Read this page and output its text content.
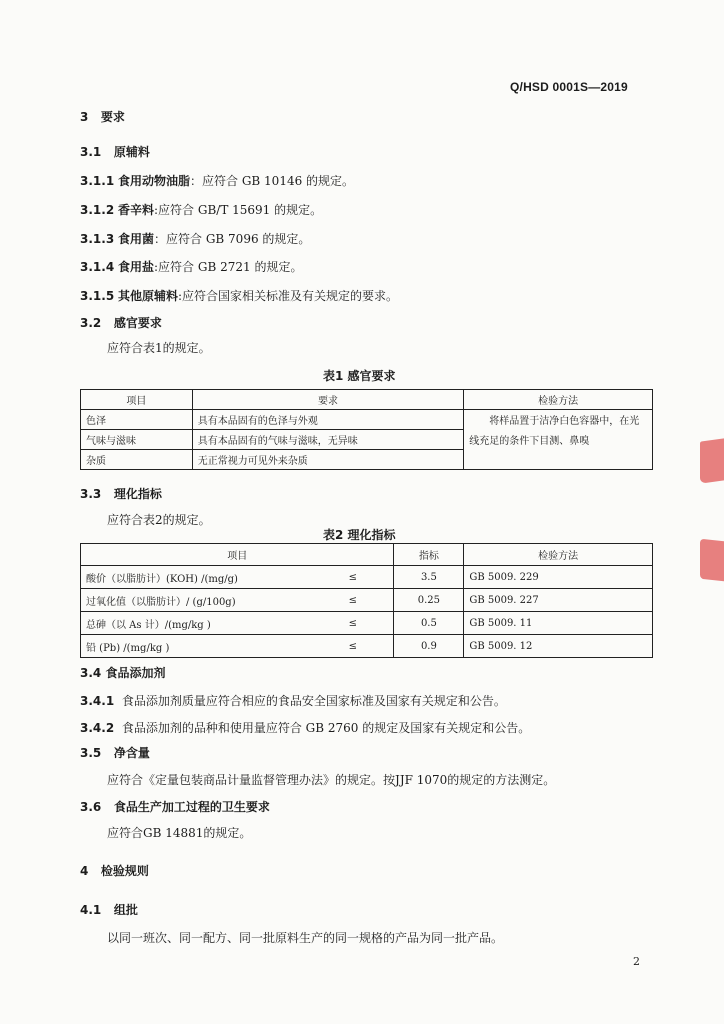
Q/HSD 0001S—2019
3 要求
3.1 原辅料
3.1.1 食用动物油脂：应符合 GB 10146 的规定。
3.1.2 香辛料:应符合 GB/T 15691 的规定。
3.1.3 食用菌：应符合 GB 7096 的规定。
3.1.4 食用盐:应符合 GB 2721 的规定。
3.1.5 其他原辅料:应符合国家相关标准及有关规定的要求。
3.2 感官要求
应符合表1的规定。
表1 感官要求
项目	要求	检验方法
色泽	具有本品固有的色泽与外观	将样品置于洁净白色容器中，在光线充足的条件下目测、鼻嗅
气味与滋味	具有本品固有的气味与滋味，无异味	
杂质	无正常视力可见外来杂质	
3.3 理化指标
应符合表2的规定。
表2 理化指标
项目		指标	检验方法
酸价（以脂肪计）(KOH) /(mg/g)	≤	3.5	GB 5009. 229
过氧化值（以脂肪计）/ (g/100g)	≤	0.25	GB 5009. 227
总砷（以 As 计）/(mg/kg )	≤	0.5	GB 5009. 11
铅 (Pb) /(mg/kg )	≤	0.9	GB 5009. 12
3.4 食品添加剂
3.4.1 食品添加剂质量应符合相应的食品安全国家标准及国家有关规定和公告。
3.4.2 食品添加剂的品种和使用量应符合 GB 2760 的规定及国家有关规定和公告。
3.5 净含量
应符合《定量包装商品计量监督管理办法》的规定。按JJF 1070的规定的方法测定。
3.6 食品生产加工过程的卫生要求
应符合GB 14881的规定。
4 检验规则
4.1 组批
以同一班次、同一配方、同一批原料生产的同一规格的产品为同一批产品。
2
